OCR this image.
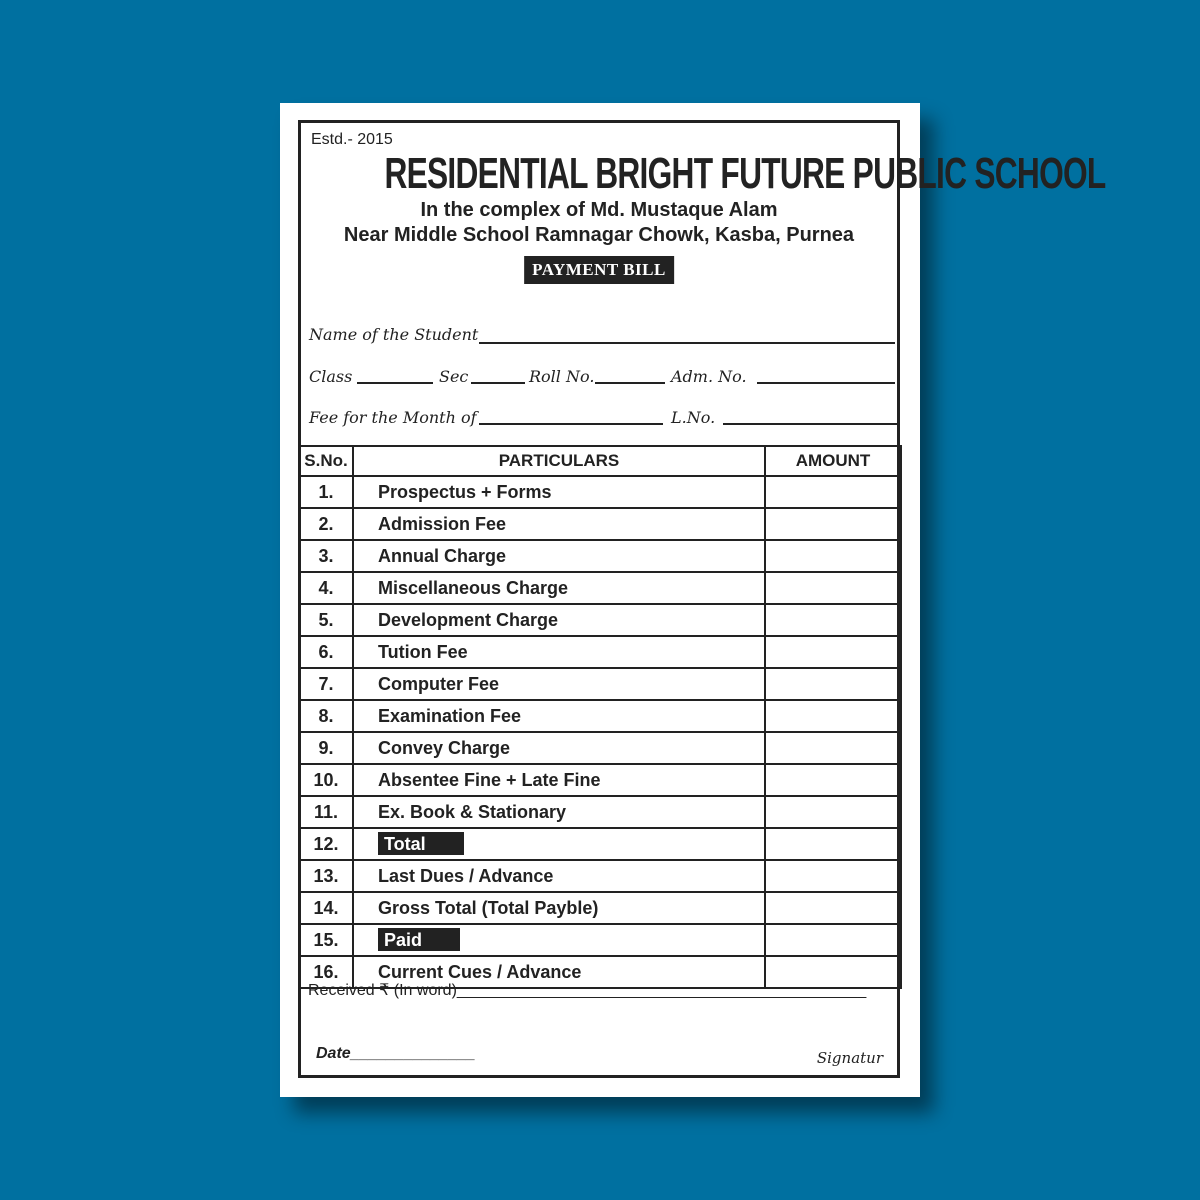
Estd.- 2015
RESIDENTIAL BRIGHT FUTURE PUBLIC SCHOOL
In the complex of Md. Mustaque Alam
Near Middle School Ramnagar Chowk, Kasba, Purnea
PAYMENT BILL
Name of the Student
Class	Sec	Roll No.	Adm. No.
Fee for the Month of	L.No.
S.No.	PARTICULARS	AMOUNT
1.	Prospectus + Forms	
2.	Admission Fee	
3.	Annual Charge	
4.	Miscellaneous Charge	
5.	Development Charge	
6.	Tution Fee	
7.	Computer Fee	
8.	Examination Fee	
9.	Convey Charge	
10.	Absentee Fine + Late Fine	
11.	Ex. Book & Stationary	
12.	Total	
13.	Last Dues / Advance	
14.	Gross Total (Total Payble)	
15.	Paid	
16.	Current Cues / Advance	
Received ₹ (In word)______________________________________________
Date______________	Signatur
